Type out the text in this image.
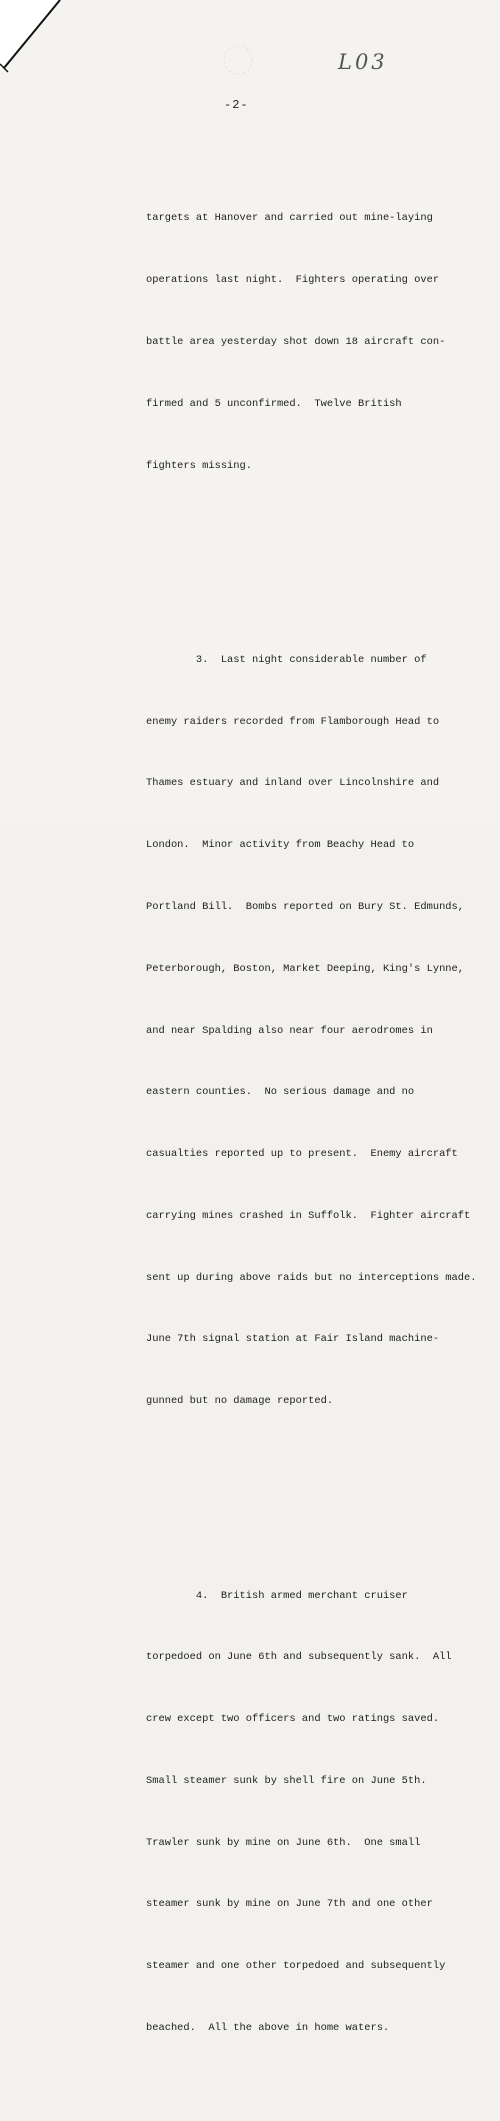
L03
-2-

targets at Hanover and carried out mine-laying

operations last night.  Fighters operating over

battle area yesterday shot down 18 aircraft con-

firmed and 5 unconfirmed.  Twelve British

fighters missing.

3.  Last night considerable number of

enemy raiders recorded from Flamborough Head to

Thames estuary and inland over Lincolnshire and

London.  Minor activity from Beachy Head to

Portland Bill.  Bombs reported on Bury St. Edmunds,

Peterborough, Boston, Market Deeping, King's Lynne,

and near Spalding also near four aerodromes in

eastern counties.  No serious damage and no

casualties reported up to present.  Enemy aircraft

carrying mines crashed in Suffolk.  Fighter aircraft

sent up during above raids but no interceptions made.

June 7th signal station at Fair Island machine-

gunned but no damage reported.

4.  British armed merchant cruiser

torpedoed on June 6th and subsequently sank.  All

crew except two officers and two ratings saved.

Small steamer sunk by shell fire on June 5th.

Trawler sunk by mine on June 6th.  One small

steamer sunk by mine on June 7th and one other

steamer and one other torpedoed and subsequently

beached.  All the above in home waters.
